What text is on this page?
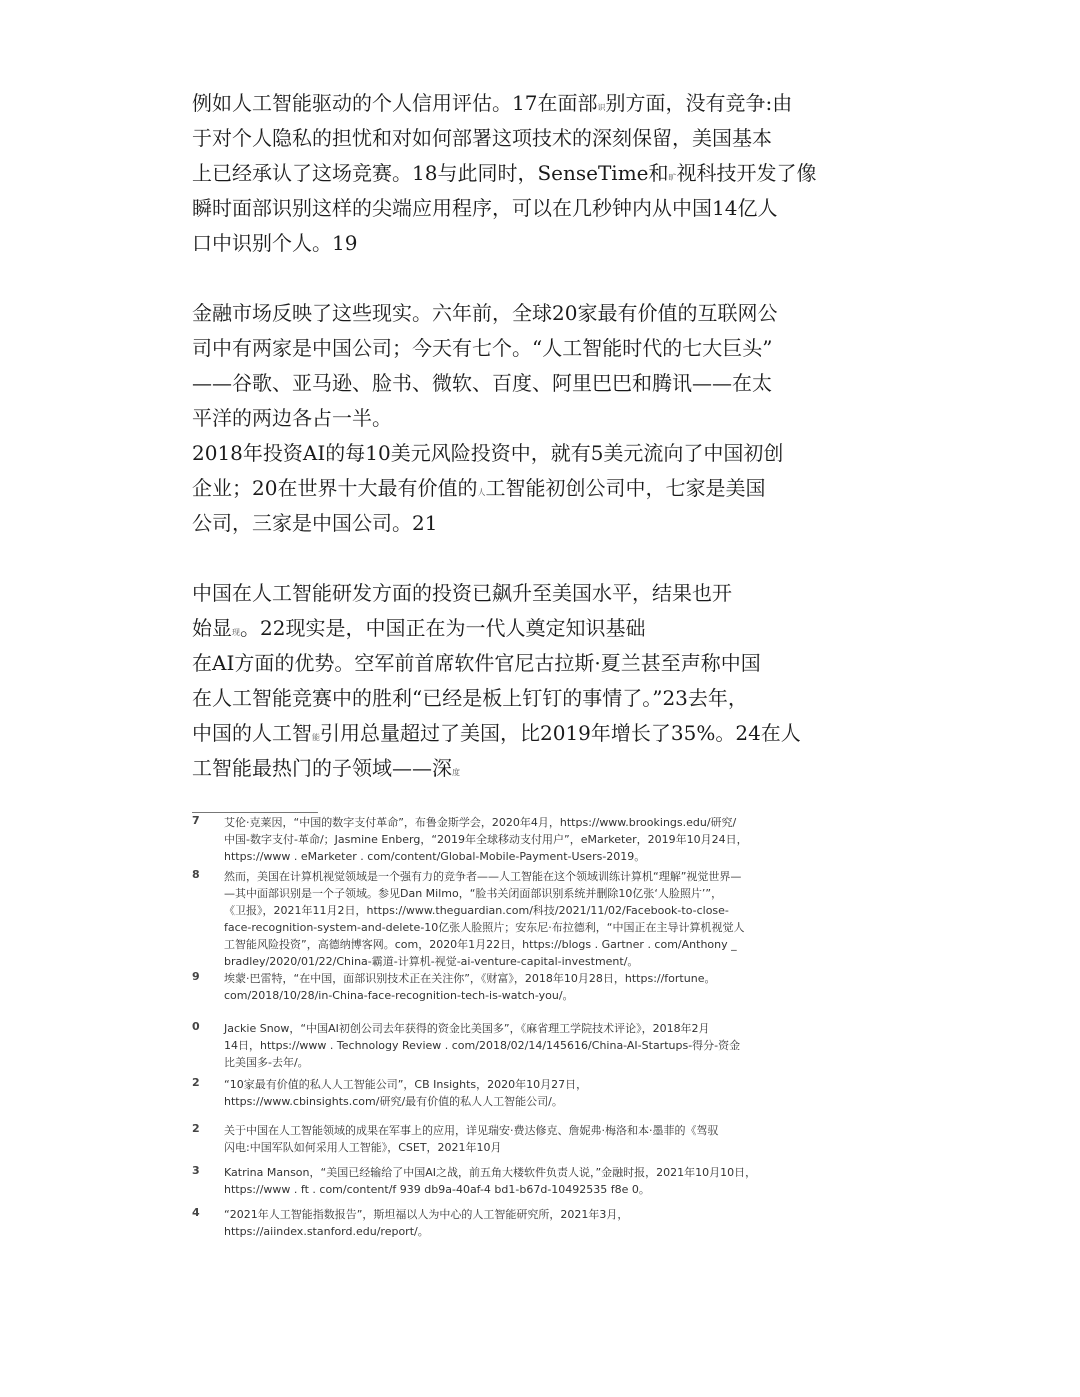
例如人工智能驱动的个人信用评估。17在面部识别方面，没有竞争:由
于对个人隐私的担忧和对如何部署这项技术的深刻保留，美国基本
上已经承认了这场竞赛。18与此同时，SenseTime和旷视科技开发了像
瞬时面部识别这样的尖端应用程序，可以在几秒钟内从中国14亿人
口中识别个人。19
金融市场反映了这些现实。六年前，全球20家最有价值的互联网公
司中有两家是中国公司；今天有七个。“人工智能时代的七大巨头”
——谷歌、亚马逊、脸书、微软、百度、阿里巴巴和腾讯——在太
平洋的两边各占一半。
2018年投资AI的每10美元风险投资中，就有5美元流向了中国初创
企业；20在世界十大最有价值的人工智能初创公司中，七家是美国
公司，三家是中国公司。21
中国在人工智能研发方面的投资已飙升至美国水平，结果也开
始显现。22现实是，中国正在为一代人奠定知识基础
在AI方面的优势。空军前首席软件官尼古拉斯·夏兰甚至声称中国
在人工智能竞赛中的胜利“已经是板上钉钉的事情了。”23去年，
中国的人工智能引用总量超过了美国，比2019年增长了35%。24在人
工智能最热门的子领域——深度
7	艾伦·克莱因，“中国的数字支付革命”，布鲁金斯学会，2020年4月，https://www.brookings.edu/研究/
中国-数字支付-革命/；Jasmine Enberg，“2019年全球移动支付用户”，eMarketer，2019年10月24日，
https://www . eMarketer . com/content/Global-Mobile-Payment-Users-2019。
8	然而，美国在计算机视觉领域是一个强有力的竞争者——人工智能在这个领域训练计算机“理解”视觉世界—
—其中面部识别是一个子领域。参见Dan Milmo，“脸书关闭面部识别系统并删除10亿张‘人脸照片’”，
《卫报》，2021年11月2日，https://www.theguardian.com/科技/2021/11/02/Facebook-to-close-
face-recognition-system-and-delete-10亿张人脸照片；安东尼·布拉德利，“中国正在主导计算机视觉人
工智能风险投资”，高德纳博客网。com，2020年1月22日，https://blogs . Gartner . com/Anthony _
bradley/2020/01/22/China-霸道-计算机-视觉-ai-venture-capital-investment/。
9	埃蒙·巴雷特，“在中国，面部识别技术正在关注你”，《财富》，2018年10月28日，https://fortune。
com/2018/10/28/in-China-face-recognition-tech-is-watch-you/。
0	Jackie Snow，“中国AI初创公司去年获得的资金比美国多”，《麻省理工学院技术评论》，2018年2月
14日，https://www . Technology Review . com/2018/02/14/145616/China-AI-Startups-得分-资金
比美国多-去年/。
2	“10家最有价值的私人人工智能公司”，CB Insights，2020年10月27日，
https://www.cbinsights.com/研究/最有价值的私人人工智能公司/。
2	关于中国在人工智能领域的成果在军事上的应用，详见瑞安·费达修克、詹妮弗·梅洛和本·墨菲的《驾驭
闪电:中国军队如何采用人工智能》，CSET，2021年10月
3	Katrina Manson，“美国已经输给了中国AI之战，前五角大楼软件负责人说，”金融时报，2021年10月10日，
https://www . ft . com/content/f 939 db9a-40af-4 bd1-b67d-10492535 f8e 0。
4	“2021年人工智能指数报告”，斯坦福以人为中心的人工智能研究所，2021年3月，
https://aiindex.stanford.edu/report/。
